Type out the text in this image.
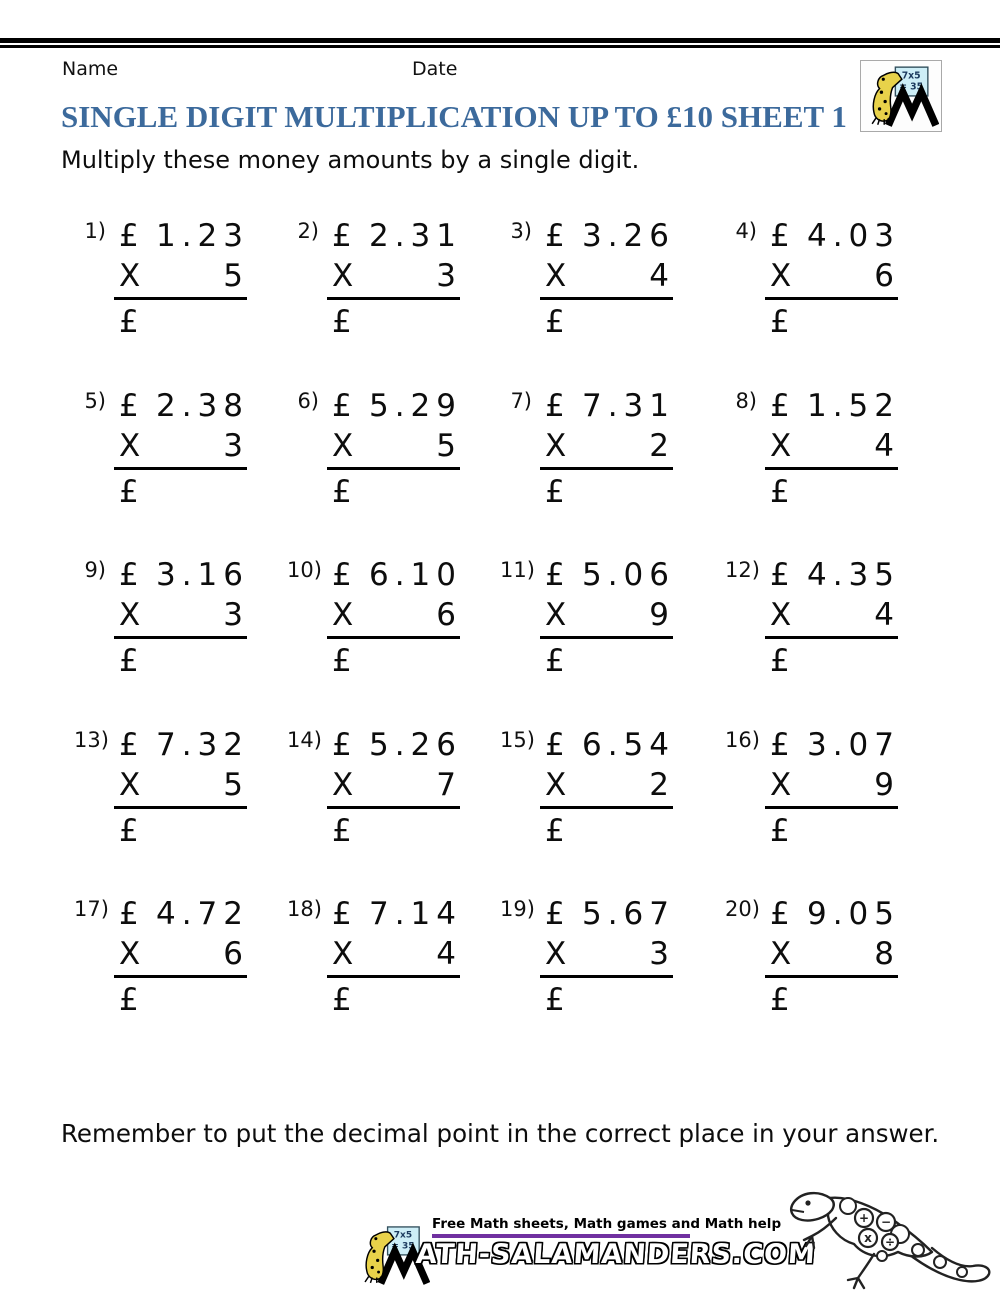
Name	Date
SINGLE DIGIT MULTIPLICATION UP TO £10 SHEET 1

Multiply these money amounts by a single digit.

1) £ 1.23
X	5
£
2) £ 2.31
X	3
£
3) £ 3.26
X	4
£
4) £ 4.03
X	6
£
5) £ 2.38
X	3
£
6) £ 5.29
X	5
£
7) £ 7.31
X	2
£
8) £ 1.52
X	4
£
9) £ 3.16
X	3
£
10) £ 6.10
X	6
£
11) £ 5.06
X	9
£
12) £ 4.35
X	4
£
13) £ 7.32
X	5
£
14) £ 5.26
X	7
£
15) £ 6.54
X	2
£
16) £ 3.07
X	9
£
17) £ 4.72
X	6
£
18) £ 7.14
X	4
£
19) £ 5.67
X	3
£
20) £ 9.05
X	8
£

Remember to put the decimal point in the correct place in your answer.

Free Math sheets, Math games and Math help
ATH-SALAMANDERS.COM
+ −
x ÷
